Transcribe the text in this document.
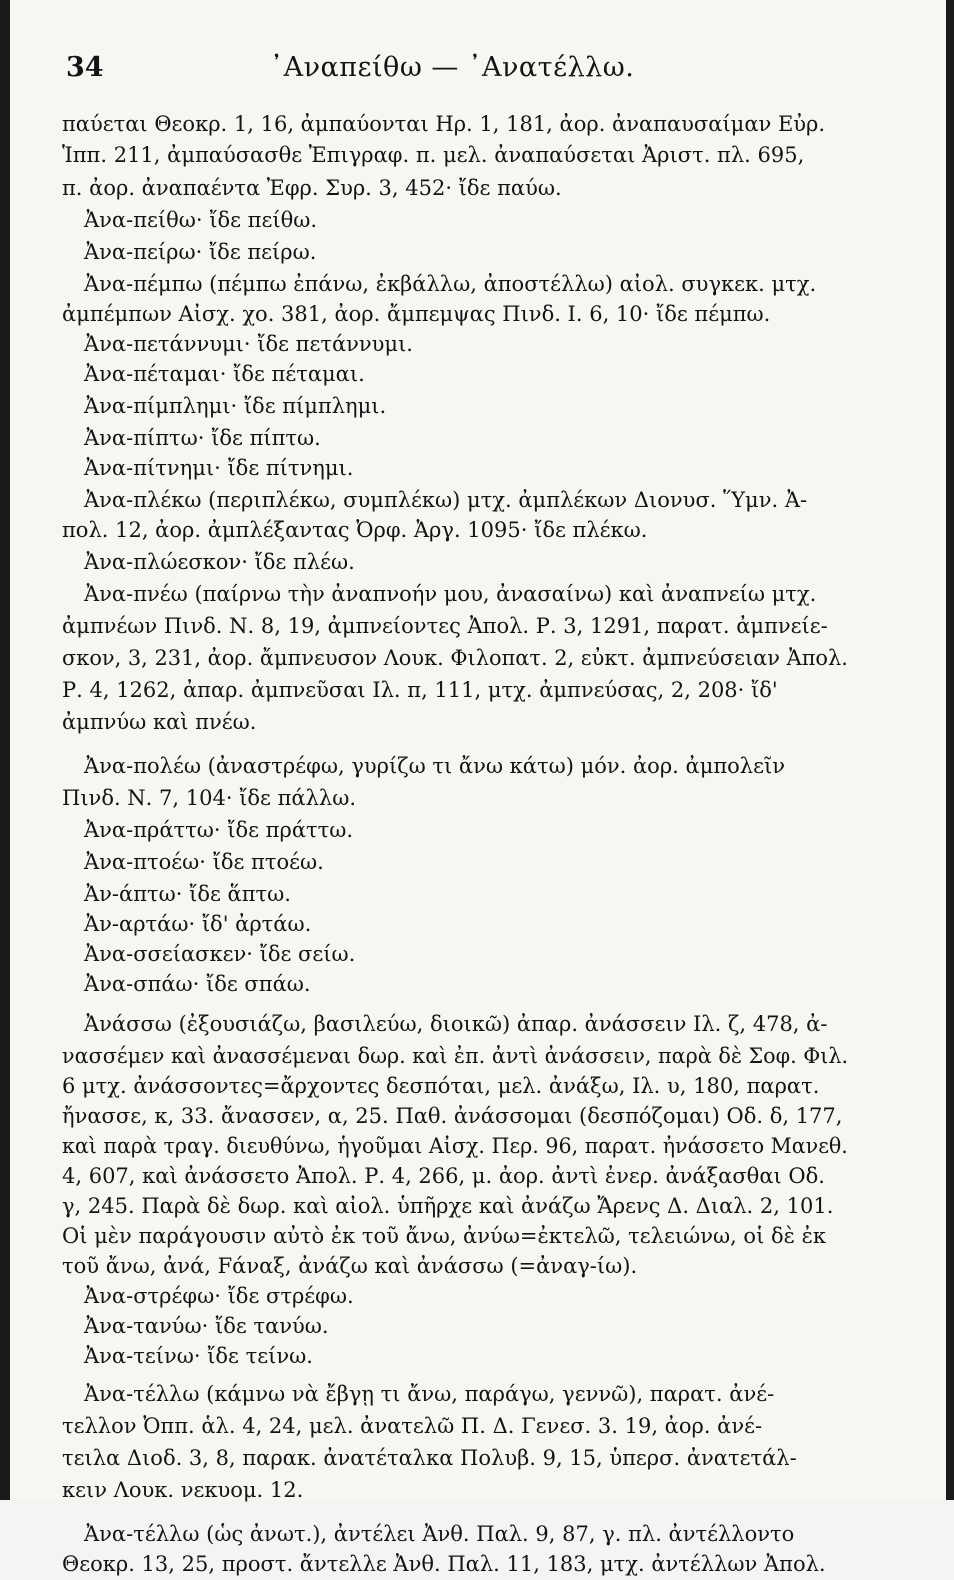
34	᾿Αναπείθω — ᾿Ανατέλλω.
παύεται Θεοκρ. 1, 16, ἀμπαύονται Ηρ. 1, 181, ἀορ. ἀναπαυσαίμαν Εὐρ.
Ἱππ. 211, ἀμπαύσασθε Ἐπιγραφ. π. μελ. ἀναπαύσεται Ἀριστ. πλ. 695,
π. ἀορ. ἀναπαέντα Ἐφρ. Συρ. 3, 452· ἴδε παύω.
Ἀνα-πείθω· ἴδε πείθω.
Ἀνα-πείρω· ἴδε πείρω.
Ἀνα-πέμπω (πέμπω ἐπάνω, ἐκβάλλω, ἀποστέλλω) αἰολ. συγκεκ. μτχ.
ἀμπέμπων Αἰσχ. χο. 381, ἀορ. ἄμπεμψας Πινδ. Ι. 6, 10· ἴδε πέμπω.
Ἀνα-πετάννυμι· ἴδε πετάννυμι.
Ἀνα-πέταμαι· ἴδε πέταμαι.
Ἀνα-πίμπλημι· ἴδε πίμπλημι.
Ἀνα-πίπτω· ἴδε πίπτω.
Ἀνα-πίτνημι· ἴδε πίτνημι.
Ἀνα-πλέκω (περιπλέκω, συμπλέκω) μτχ. ἀμπλέκων Διονυσ. Ὕμν. Ἀ-
πολ. 12, ἀορ. ἀμπλέξαντας Ὀρφ. Ἀργ. 1095· ἴδε πλέκω.
Ἀνα-πλώεσκον· ἴδε πλέω.
Ἀνα-πνέω (παίρνω τὴν ἀναπνοήν μου, ἀνασαίνω) καὶ ἀναπνείω μτχ.
ἀμπνέων Πινδ. Ν. 8, 19, ἀμπνείοντες Ἀπολ. Ρ. 3, 1291, παρατ. ἀμπνείε-
σκον, 3, 231, ἀορ. ἄμπνευσον Λουκ. Φιλοπατ. 2, εὐκτ. ἀμπνεύσειαν Ἀπολ.
Ρ. 4, 1262, ἀπαρ. ἀμπνεῦσαι Ιλ. π, 111, μτχ. ἀμπνεύσας, 2, 208· ἴδ'
ἀμπνύω καὶ πνέω.
Ἀνα-πολέω (ἀναστρέφω, γυρίζω τι ἄνω κάτω) μόν. ἀορ. ἀμπολεῖν
Πινδ. Ν. 7, 104· ἴδε πάλλω.
Ἀνα-πράττω· ἴδε πράττω.
Ἀνα-πτοέω· ἴδε πτοέω.
Ἀν-άπτω· ἴδε ἅπτω.
Ἀν-αρτάω· ἴδ' ἀρτάω.
Ἀνα-σσείασκεν· ἴδε σείω.
Ἀνα-σπάω· ἴδε σπάω.
Ἀνάσσω (ἐξουσιάζω, βασιλεύω, διοικῶ) ἀπαρ. ἀνάσσειν Ιλ. ζ, 478, ἀ-
νασσέμεν καὶ ἀνασσέμεναι δωρ. καὶ ἐπ. ἀντὶ ἀνάσσειν, παρὰ δὲ Σοφ. Φιλ.
6 μτχ. ἀνάσσοντες=ἄρχοντες δεσπόται, μελ. ἀνάξω, Ιλ. υ, 180, παρατ.
ἤνασσε, κ, 33. ἄνασσεν, α, 25. Παθ. ἀνάσσομαι (δεσπόζομαι) Οδ. δ, 177,
καὶ παρὰ τραγ. διευθύνω, ἡγοῦμαι Αἰσχ. Περ. 96, παρατ. ἠνάσσετο Μανεθ.
4, 607, καὶ ἀνάσσετο Ἀπολ. Ρ. 4, 266, μ. ἀορ. ἀντὶ ἐνερ. ἀνάξασθαι Οδ.
γ, 245. Παρὰ δὲ δωρ. καὶ αἰολ. ὑπῆρχε καὶ ἀνάζω Ἄρενς Δ. Διαλ. 2, 101.
Οἱ μὲν παράγουσιν αὐτὸ ἐκ τοῦ ἄνω, ἀνύω=ἐκτελῶ, τελειώνω, οἱ δὲ ἐκ
τοῦ ἄνω, ἀνά, Fάναξ, ἀνάζω καὶ ἀνάσσω (=ἀναγ-ίω).
Ἀνα-στρέφω· ἴδε στρέφω.
Ἀνα-τανύω· ἴδε τανύω.
Ἀνα-τείνω· ἴδε τείνω.
Ἀνα-τέλλω (κάμνω νὰ ἔβγῃ τι ἄνω, παράγω, γεννῶ), παρατ. ἀνέ-
τελλον Ὀππ. ἁλ. 4, 24, μελ. ἀνατελῶ Π. Δ. Γενεσ. 3. 19, ἀορ. ἀνέ-
τειλα Διοδ. 3, 8, παρακ. ἀνατέταλκα Πολυβ. 9, 15, ὑπερσ. ἀνατετάλ-
κειν Λουκ. νεκυομ. 12.
Ἀνα-τέλλω (ὡς ἀνωτ.), ἀντέλει Ἀνθ. Παλ. 9, 87, γ. πλ. ἀντέλλοντο
Θεοκρ. 13, 25, προστ. ἄντελλε Ἀνθ. Παλ. 11, 183, μτχ. ἀντέλλων Ἀπολ.
